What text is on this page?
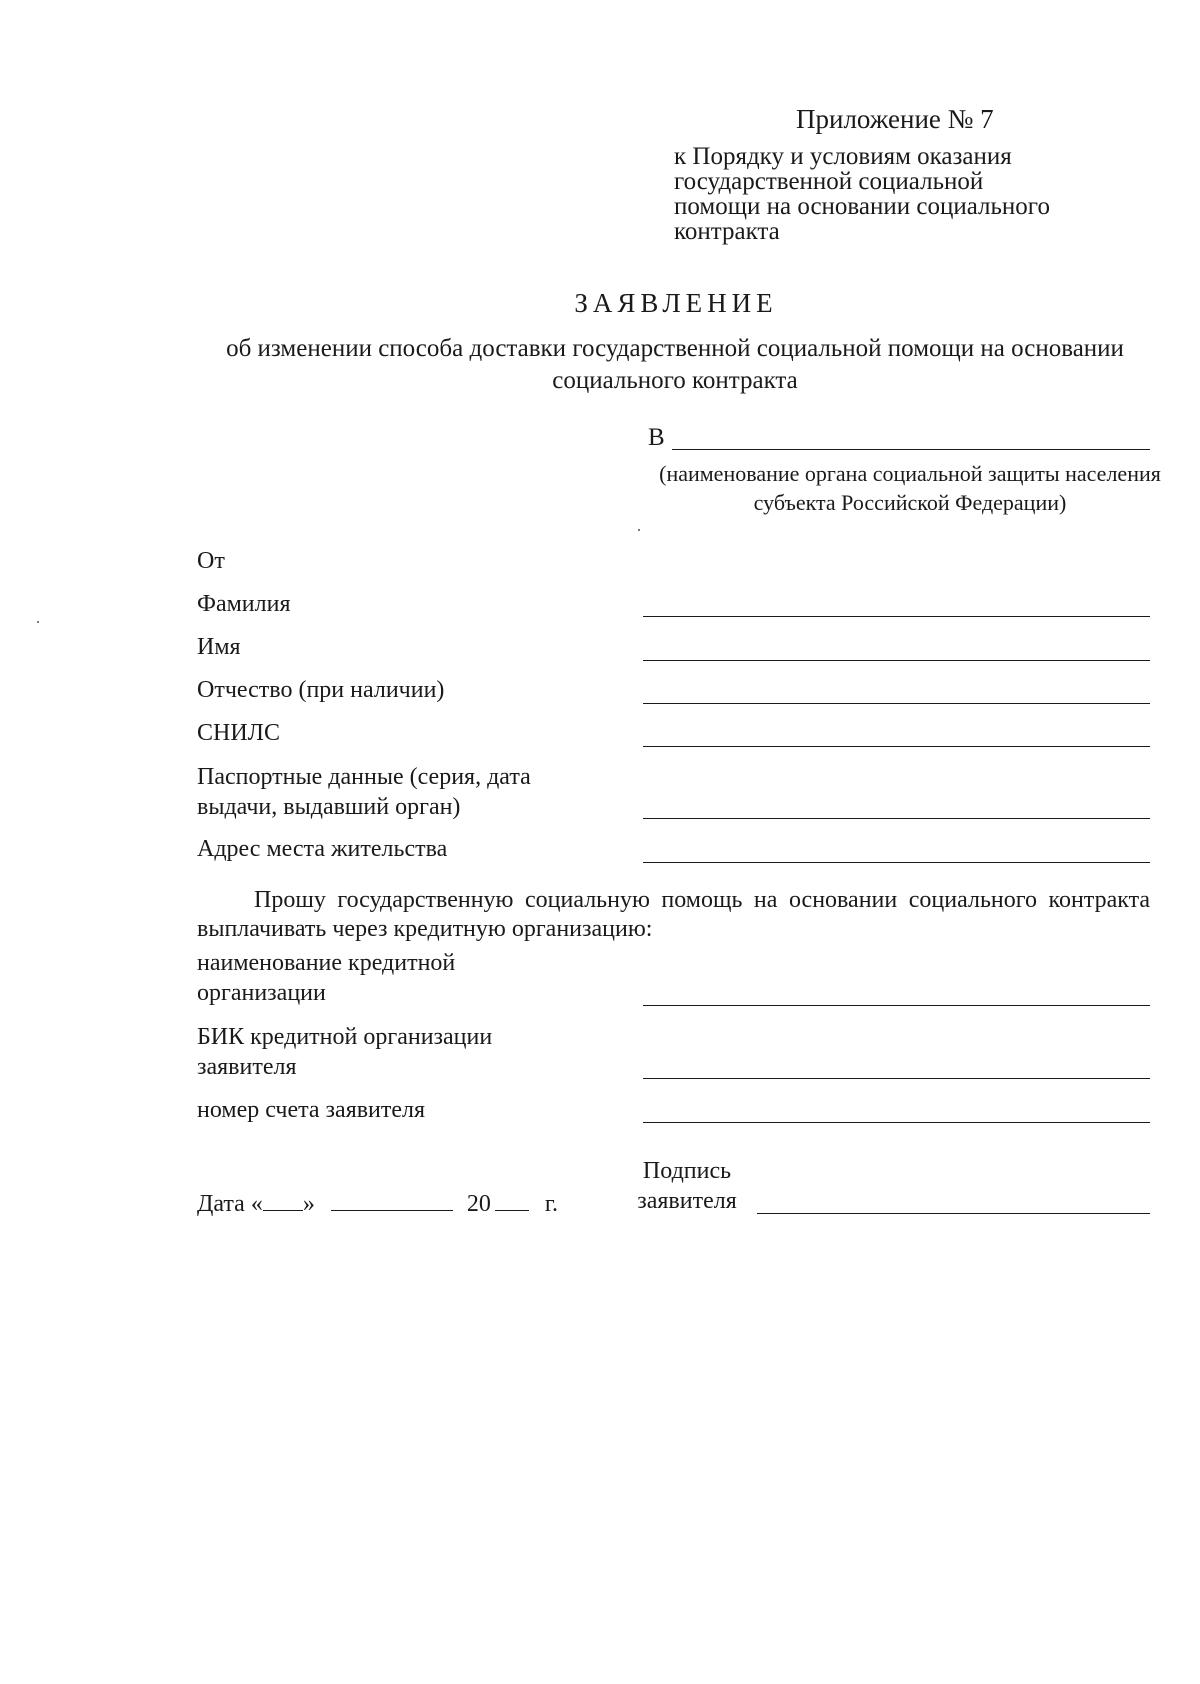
Приложение № 7
к Порядку и условиям оказания
государственной социальной
помощи на основании социального
контракта
ЗАЯВЛЕНИЕ
об изменении способа доставки государственной социальной помощи на основании социального контракта
В
(наименование органа социальной защиты населения субъекта Российской Федерации)
От
Фамилия
Имя
Отчество (при наличии)
СНИЛС
Паспортные данные (серия, дата выдачи, выдавший орган)
Адрес места жительства
Прошу государственную социальную помощь на основании социального контракта выплачивать через кредитную организацию:
наименование кредитной организации
БИК кредитной организации заявителя
номер счета заявителя
Дата « »	20 г.
Подпись заявителя
